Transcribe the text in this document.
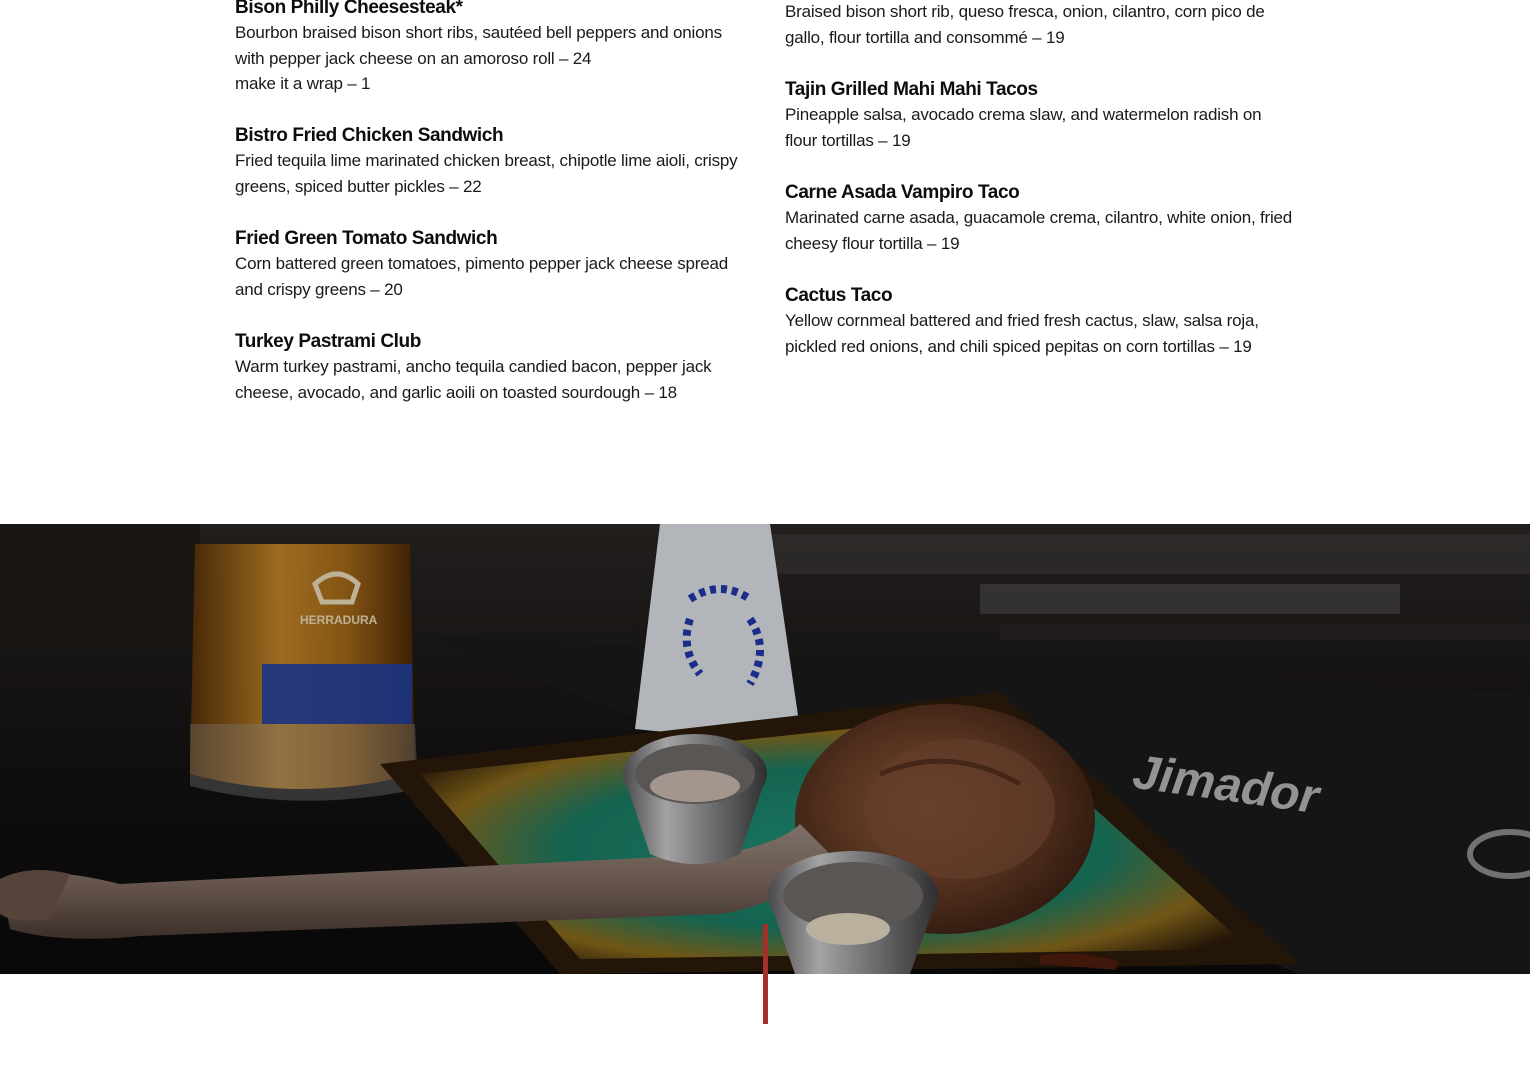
Bison Philly Cheesesteak*
Bourbon braised bison short ribs, sautéed bell peppers and onions with pepper jack cheese on an amoroso roll – 24
make it a wrap – 1
Bistro Fried Chicken Sandwich
Fried tequila lime marinated chicken breast, chipotle lime aioli, crispy greens, spiced butter pickles – 22
Fried Green Tomato Sandwich
Corn battered green tomatoes, pimento pepper jack cheese spread and crispy greens – 20
Turkey Pastrami Club
Warm turkey pastrami, ancho tequila candied bacon, pepper jack cheese, avocado, and garlic aoili on toasted sourdough – 18
Braised bison short rib, queso fresca, onion, cilantro, corn pico de gallo, flour tortilla and consommé – 19
Tajin Grilled Mahi Mahi Tacos
Pineapple salsa, avocado crema slaw, and watermelon radish on flour tortillas – 19
Carne Asada Vampiro Taco
Marinated carne asada, guacamole crema, cilantro, white onion, fried cheesy flour tortilla – 19
Cactus Taco
Yellow cornmeal battered and fried fresh cactus, slaw, salsa roja, pickled red onions, and chili spiced pepitas on corn tortillas – 19
Jimador
HERRADURA
